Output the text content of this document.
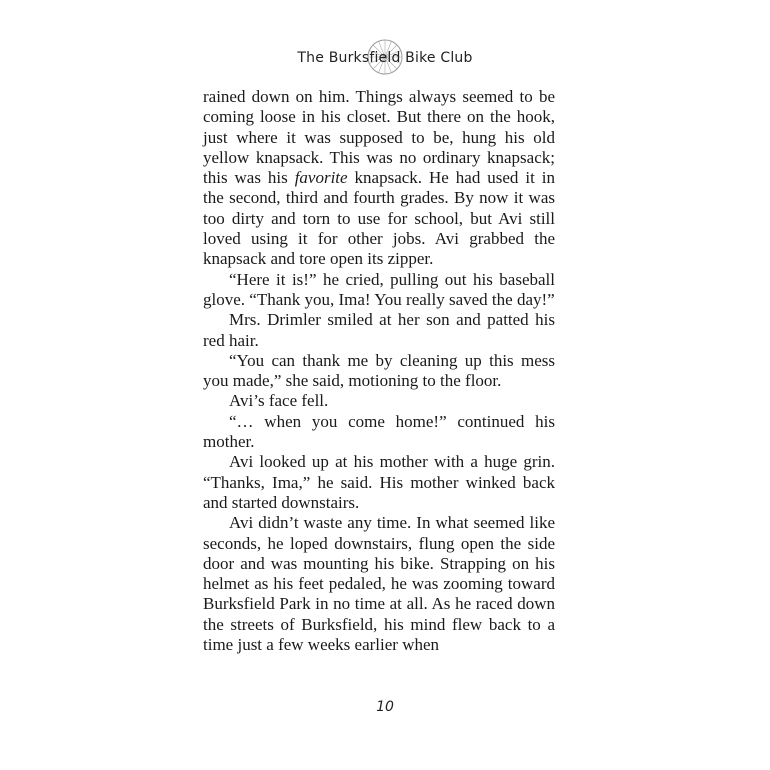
The Burksfield Bike Club

rained down on him. Things always seemed to be coming loose in his closet. But there on the hook, just where it was supposed to be, hung his old yellow knapsack. This was no ordinary knapsack; this was his favorite knapsack. He had used it in the second, third and fourth grades. By now it was too dirty and torn to use for school, but Avi still loved using it for other jobs. Avi grabbed the knapsack and tore open its zipper.

“Here it is!” he cried, pulling out his baseball glove. “Thank you, Ima! You really saved the day!”

Mrs. Drimler smiled at her son and patted his red hair.

“You can thank me by cleaning up this mess you made,” she said, motioning to the floor.

Avi’s face fell.

“… when you come home!” continued his mother.

Avi looked up at his mother with a huge grin. “Thanks, Ima,” he said. His mother winked back and started downstairs.

Avi didn’t waste any time. In what seemed like seconds, he loped downstairs, flung open the side door and was mounting his bike. Strapping on his helmet as his feet pedaled, he was zooming toward Burksfield Park in no time at all. As he raced down the streets of Burksfield, his mind flew back to a time just a few weeks earlier when

10
